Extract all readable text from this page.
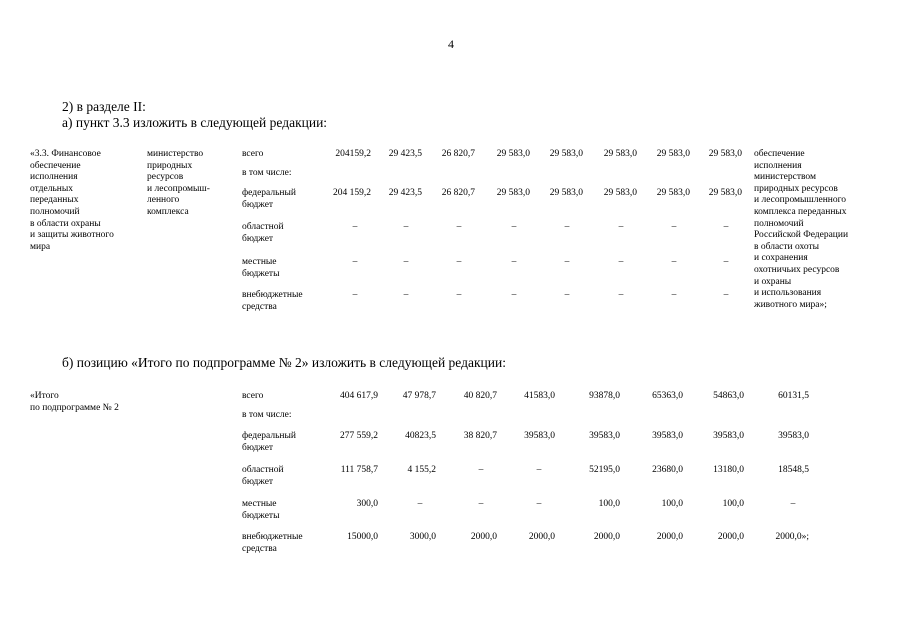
4
2) в разделе II:
а) пункт 3.3 изложить в следующей редакции:
«3.3. Финансовое
обеспечение
исполнения
отдельных
переданных
полномочий
в области охраны
и защиты животного
мира
министерство
природных
ресурсов
и лесопромыш-
ленного
комплекса
обеспечение
исполнения
министерством
природных ресурсов
и лесопромышленного
комплекса переданных
полномочий
Российской Федерации
в области охоты
и сохранения
охотничьих ресурсов
и охраны
и использования
животного мира»;
всего	204159,2	29 423,5	26 820,7	29 583,0	29 583,0	29 583,0	29 583,0	29 583,0
в том числе:
федеральный
бюджет
204 159,2	29 423,5	26 820,7	29 583,0	29 583,0	29 583,0	29 583,0	29 583,0
областной
бюджет
–	–	–	–	–	–	–	–
местные
бюджеты
–	–	–	–	–	–	–	–
внебюджетные
средства
–	–	–	–	–	–	–	–
б) позицию «Итого по подпрограмме № 2» изложить в следующей редакции:
«Итого
по подпрограмме № 2
всего	404 617,9	47 978,7	40 820,7	41583,0	93878,0	65363,0	54863,0	60131,5
в том числе:
федеральный
бюджет
277 559,2	40823,5	38 820,7	39583,0	39583,0	39583,0	39583,0	39583,0
областной
бюджет
111 758,7	4 155,2	–	–	52195,0	23680,0	13180,0	18548,5
местные
бюджеты
300,0	–	–	–	100,0	100,0	100,0	–
внебюджетные
средства
15000,0	3000,0	2000,0	2000,0	2000,0	2000,0	2000,0	2000,0»;
